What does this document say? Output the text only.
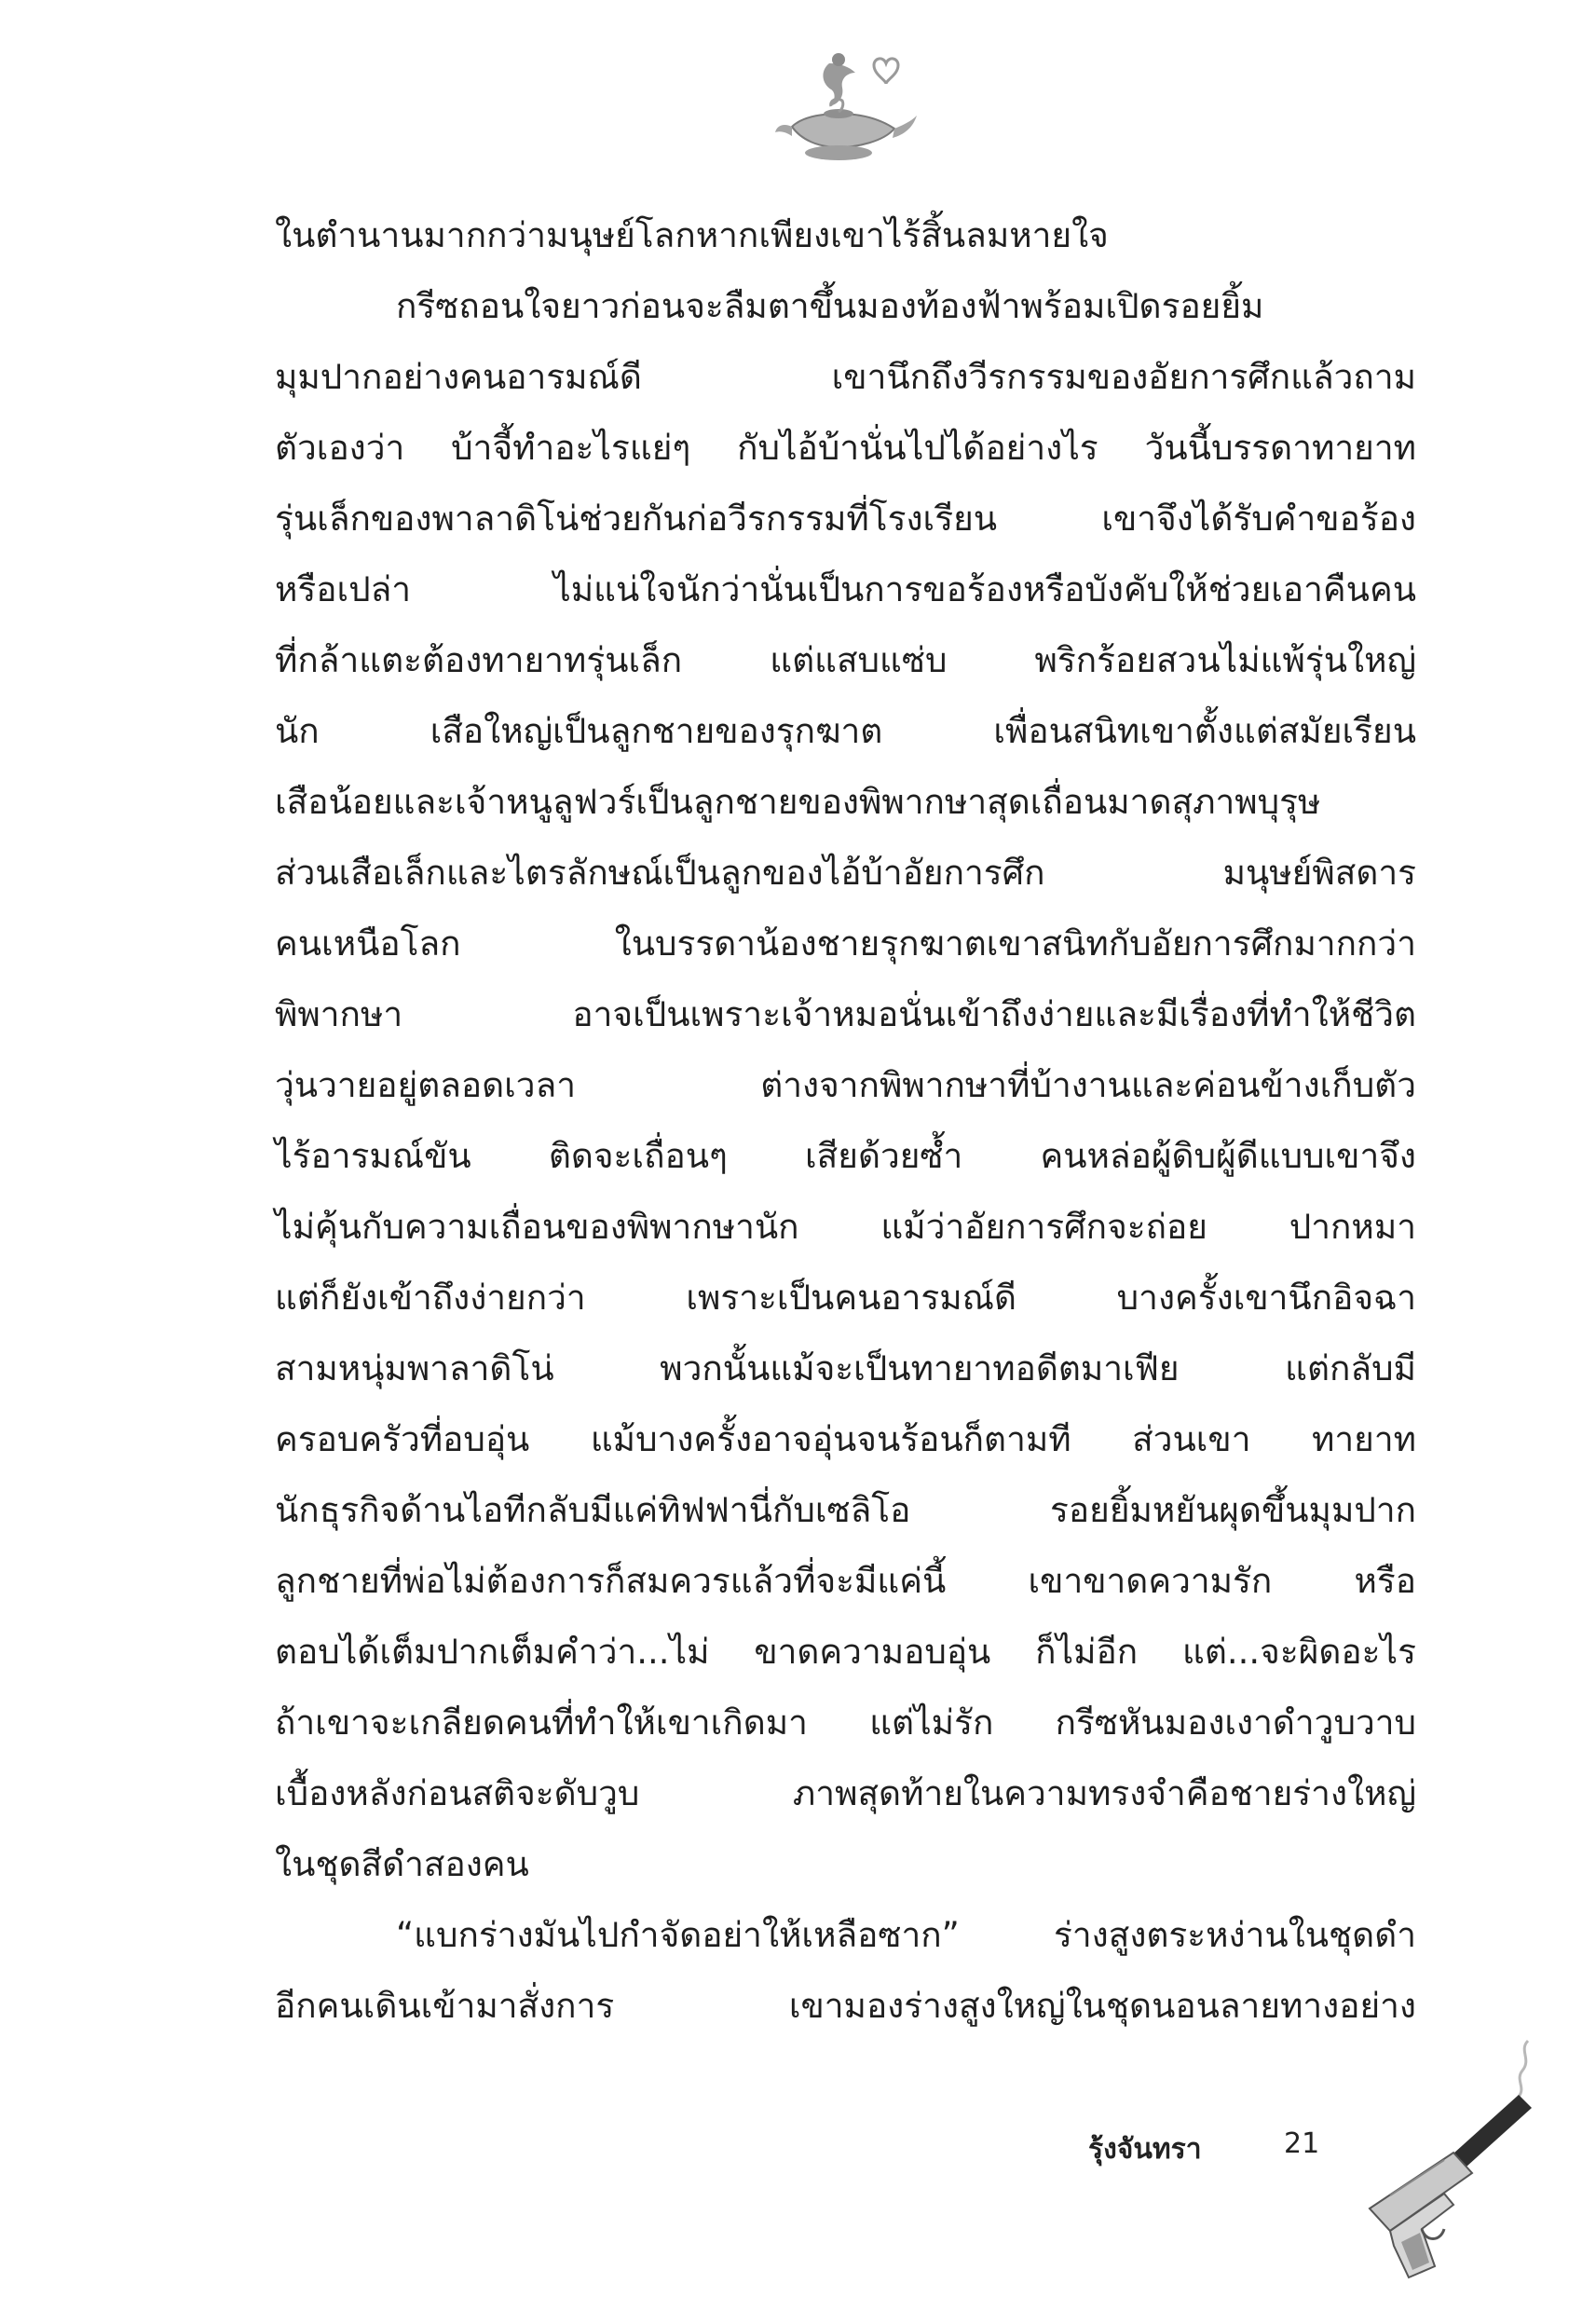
ในตำนานมากกว่ามนุษย์โลกหากเพียงเขาไร้สิ้นลมหายใจ
กรีซถอนใจยาวก่อนจะลืมตาขึ้นมองท้องฟ้าพร้อมเปิดรอยยิ้ม
มุมปากอย่างคนอารมณ์ดี เขานึกถึงวีรกรรมของอัยการศึกแล้วถาม
ตัวเองว่า บ้าจี้ทำอะไรแย่ๆ กับไอ้บ้านั่นไปได้อย่างไร วันนี้บรรดาทายาท
รุ่นเล็กของพาลาดิโน่ช่วยกันก่อวีรกรรมที่โรงเรียน เขาจึงได้รับคำขอร้อง
หรือเปล่า ไม่แน่ใจนักว่านั่นเป็นการขอร้องหรือบังคับให้ช่วยเอาคืนคน
ที่กล้าแตะต้องทายาทรุ่นเล็ก แต่แสบแซ่บ พริกร้อยสวนไม่แพ้รุ่นใหญ่
นัก เสือใหญ่เป็นลูกชายของรุกฆาต เพื่อนสนิทเขาตั้งแต่สมัยเรียน
เสือน้อยและเจ้าหนูลูฟวร์เป็นลูกชายของพิพากษาสุดเถื่อนมาดสุภาพบุรุษ
ส่วนเสือเล็กและไตรลักษณ์เป็นลูกของไอ้บ้าอัยการศึก มนุษย์พิสดาร
คนเหนือโลก ในบรรดาน้องชายรุกฆาตเขาสนิทกับอัยการศึกมากกว่า
พิพากษา อาจเป็นเพราะเจ้าหมอนั่นเข้าถึงง่ายและมีเรื่องที่ทำให้ชีวิต
วุ่นวายอยู่ตลอดเวลา ต่างจากพิพากษาที่บ้างานและค่อนข้างเก็บตัว
ไร้อารมณ์ขัน ติดจะเถื่อนๆ เสียด้วยซ้ำ คนหล่อผู้ดิบผู้ดีแบบเขาจึง
ไม่คุ้นกับความเถื่อนของพิพากษานัก แม้ว่าอัยการศึกจะถ่อย ปากหมา
แต่ก็ยังเข้าถึงง่ายกว่า เพราะเป็นคนอารมณ์ดี บางครั้งเขานึกอิจฉา
สามหนุ่มพาลาดิโน่ พวกนั้นแม้จะเป็นทายาทอดีตมาเฟีย แต่กลับมี
ครอบครัวที่อบอุ่น แม้บางครั้งอาจอุ่นจนร้อนก็ตามที ส่วนเขา ทายาท
นักธุรกิจด้านไอทีกลับมีแค่ทิฟฟานี่กับเซลิโอ รอยยิ้มหยันผุดขึ้นมุมปาก
ลูกชายที่พ่อไม่ต้องการก็สมควรแล้วที่จะมีแค่นี้ เขาขาดความรัก หรือ
ตอบได้เต็มปากเต็มคำว่า...ไม่ ขาดความอบอุ่น ก็ไม่อีก แต่...จะผิดอะไร
ถ้าเขาจะเกลียดคนที่ทำให้เขาเกิดมา แต่ไม่รัก กรีซหันมองเงาดำวูบวาบ
เบื้องหลังก่อนสติจะดับวูบ ภาพสุดท้ายในความทรงจำคือชายร่างใหญ่
ในชุดสีดำสองคน
“แบกร่างมันไปกำจัดอย่าให้เหลือซาก” ร่างสูงตระหง่านในชุดดำ
อีกคนเดินเข้ามาสั่งการ เขามองร่างสูงใหญ่ในชุดนอนลายทางอย่าง
รุ้งจันทรา	21
